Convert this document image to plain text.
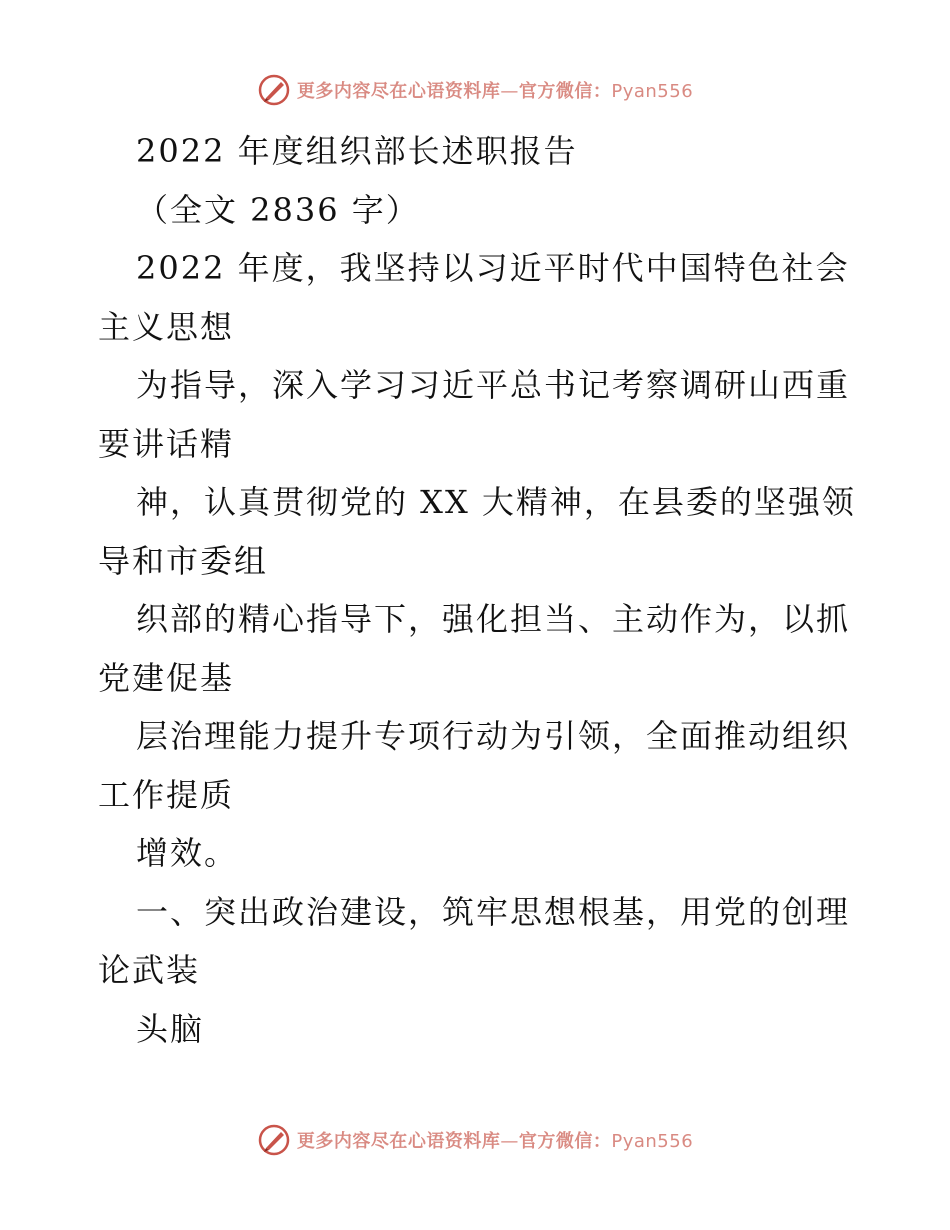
更多内容尽在心语资料库—官方微信：Pyan556
2022 年度组织部长述职报告
（全文 2836 字）
2022 年度，我坚持以习近平时代中国特色社会
主义思想
为指导，深入学习习近平总书记考察调研山西重
要讲话精
神，认真贯彻党的 XX 大精神，在县委的坚强领
导和市委组
织部的精心指导下，强化担当、主动作为，以抓
党建促基
层治理能力提升专项行动为引领，全面推动组织
工作提质
增效。
一、突出政治建设，筑牢思想根基，用党的创理
论武装
头脑
更多内容尽在心语资料库—官方微信：Pyan556
